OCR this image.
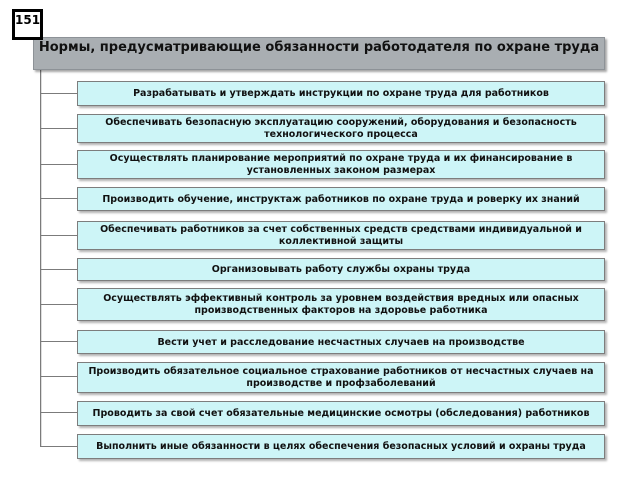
151
Нормы, предусматривающие обязанности работодателя по охране труда
Разрабатывать и утверждать инструкции по охране труда для работников
Обеспечивать безопасную эксплуатацию сооружений, оборудования и безопасность технологического процесса
Осуществлять планирование мероприятий по охране труда и их финансирование в установленных законом размерах
Производить обучение, инструктаж работников по охране труда и роверку их знаний
Обеспечивать работников за счет собственных средств средствами индивидуальной и коллективной защиты
Организовывать работу службы охраны труда
Осуществлять эффективный контроль за уровнем воздействия вредных или опасных производственных факторов на здоровье работника
Вести учет и расследование несчастных случаев на производстве
Производить обязательное социальное страхование работников от несчастных случаев на производстве и профзаболеваний
Проводить за свой счет обязательные медицинские осмотры (обследования) работников
Выполнить иные обязанности в целях обеспечения безопасных условий и охраны труда
